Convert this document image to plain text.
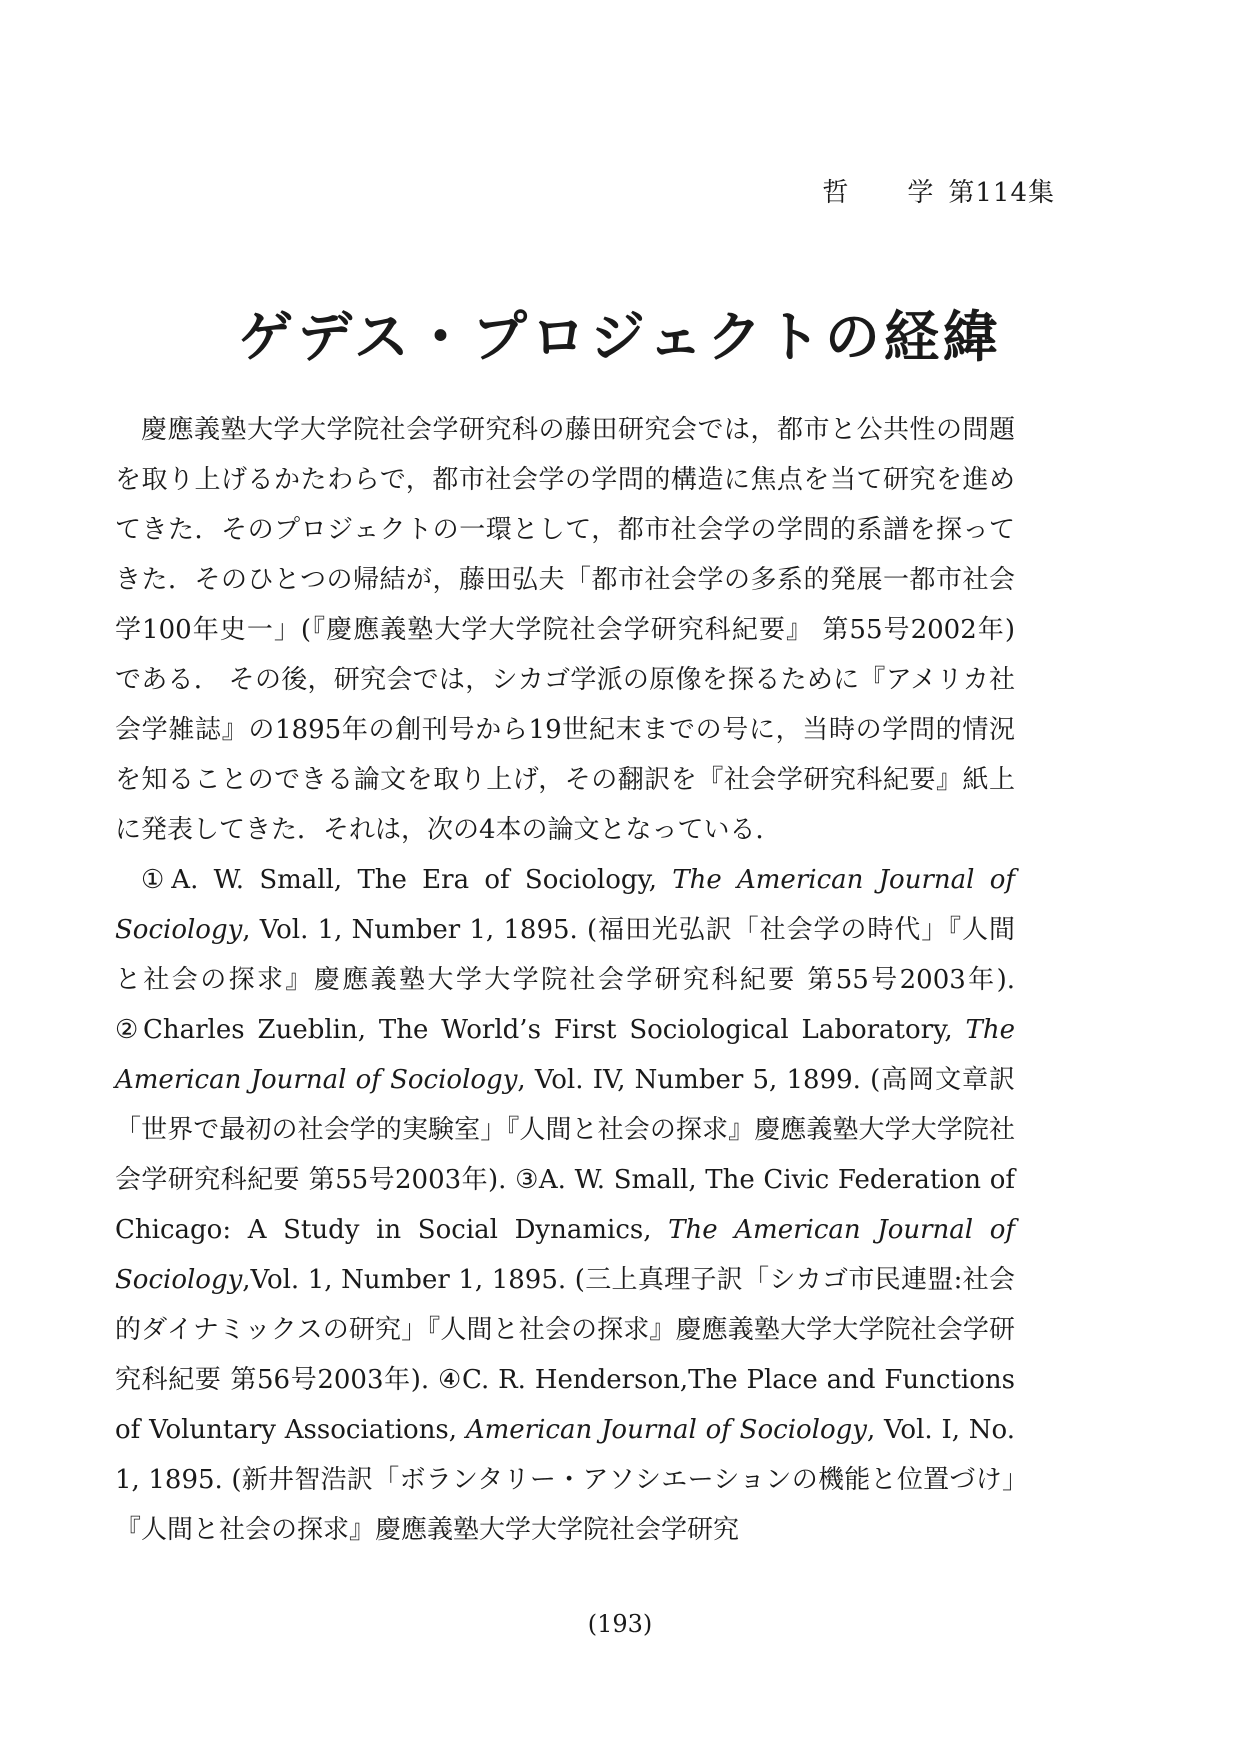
哲 学 第114集
ゲデス・プロジェクトの経緯

慶應義塾大学大学院社会学研究科の藤田研究会では，都市と公共性の問題を取り上げるかたわらで，都市社会学の学問的構造に焦点を当て研究を進めてきた．そのプロジェクトの一環として，都市社会学の学問的系譜を探ってきた．そのひとつの帰結が，藤田弘夫「都市社会学の多系的発展一都市社会学100年史一」(『慶應義塾大学大学院社会学研究科紀要』 第55号2002年) である． その後，研究会では，シカゴ学派の原像を探るために『アメリカ社会学雑誌』の1895年の創刊号から19世紀末までの号に，当時の学問的情況を知ることのできる論文を取り上げ，その翻訳を『社会学研究科紀要』紙上に発表してきた．それは，次の4本の論文となっている．

①A. W. Small, The Era of Sociology, The American Journal of Sociology, Vol. 1, Number 1, 1895. (福田光弘訳「社会学の時代」『人間と社会の探求』慶應義塾大学大学院社会学研究科紀要 第55号2003年). ②Charles Zueblin, The World’s First Sociological Laboratory, The American Journal of Sociology, Vol. IV, Number 5, 1899. (高岡文章訳「世界で最初の社会学的実験室」『人間と社会の探求』慶應義塾大学大学院社会学研究科紀要 第55号2003年). ③A. W. Small, The Civic Federation of Chicago: A Study in Social Dynamics, The American Journal of Sociology,Vol. 1, Number 1, 1895. (三上真理子訳「シカゴ市民連盟:社会的ダイナミックスの研究」『人間と社会の探求』慶應義塾大学大学院社会学研究科紀要 第56号2003年). ④C. R. Henderson,The Place and Functions of Voluntary Associations, American Journal of Sociology, Vol. I, No. 1, 1895. (新井智浩訳「ボランタリー・アソシエーションの機能と位置づけ」『人間と社会の探求』慶應義塾大学大学院社会学研究

(193)
